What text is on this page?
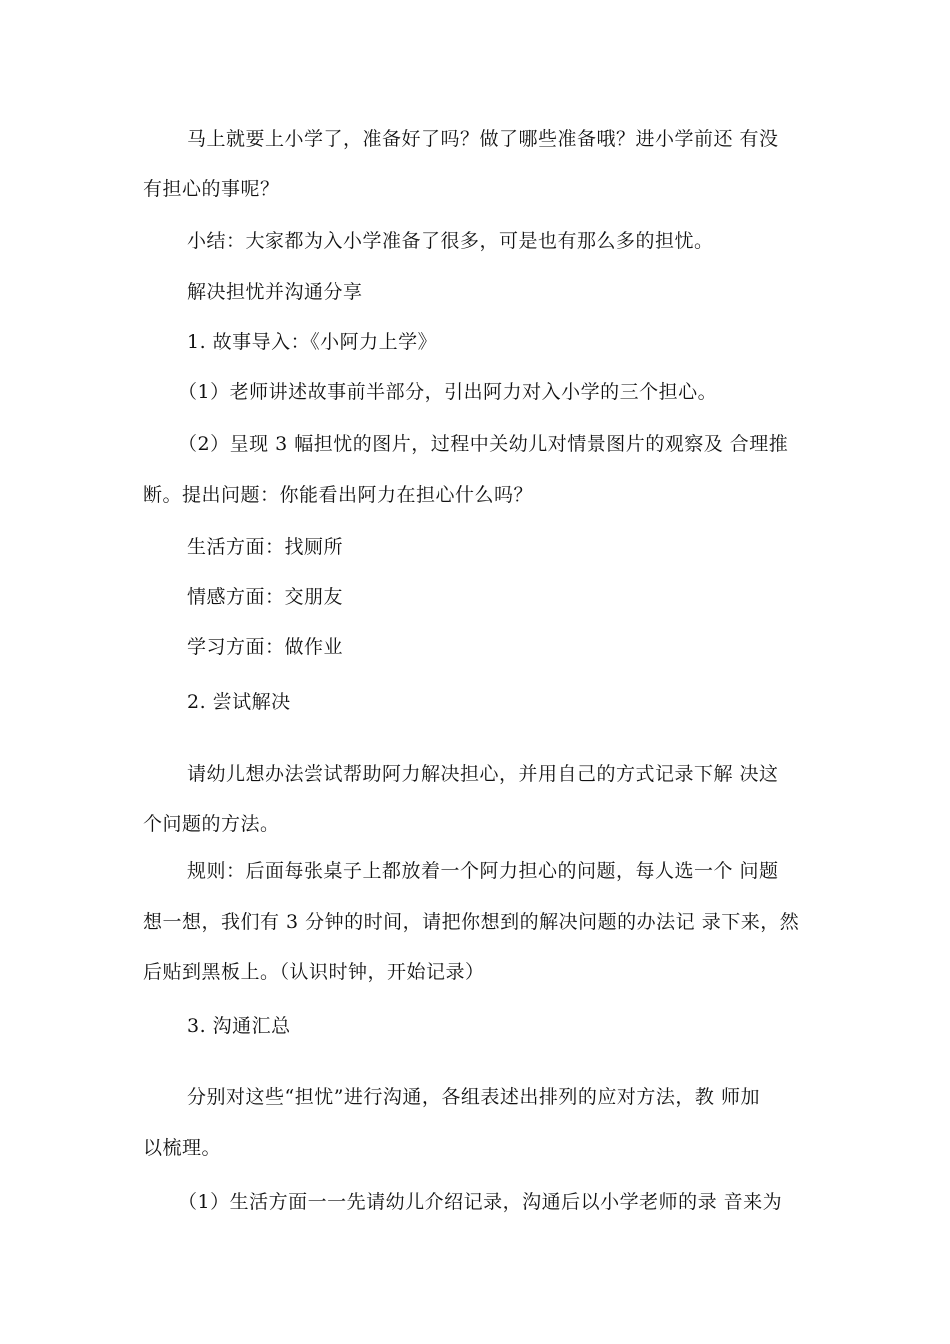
马上就要上小学了，准备好了吗？做了哪些准备哦？进小学前还 有没
有担心的事呢？
小结：大家都为入小学准备了很多，可是也有那么多的担忧。
解决担忧并沟通分享
1. 故事导入：《小阿力上学》
（1）老师讲述故事前半部分，引出阿力对入小学的三个担心。
（2）呈现 3 幅担忧的图片，过程中关幼儿对情景图片的观察及 合理推
断。提出问题：你能看出阿力在担心什么吗？
生活方面：找厕所
情感方面：交朋友
学习方面：做作业
2. 尝试解决
请幼儿想办法尝试帮助阿力解决担心，并用自己的方式记录下解 决这
个问题的方法。
规则：后面每张桌子上都放着一个阿力担心的问题，每人选一个 问题
想一想，我们有 3 分钟的时间，请把你想到的解决问题的办法记 录下来，然
后贴到黑板上。（认识时钟，开始记录）
3. 沟通汇总
分别对这些“担忧”进行沟通，各组表述出排列的应对方法，教 师加
以梳理。
（1）生活方面一一先请幼儿介绍记录，沟通后以小学老师的录 音来为
